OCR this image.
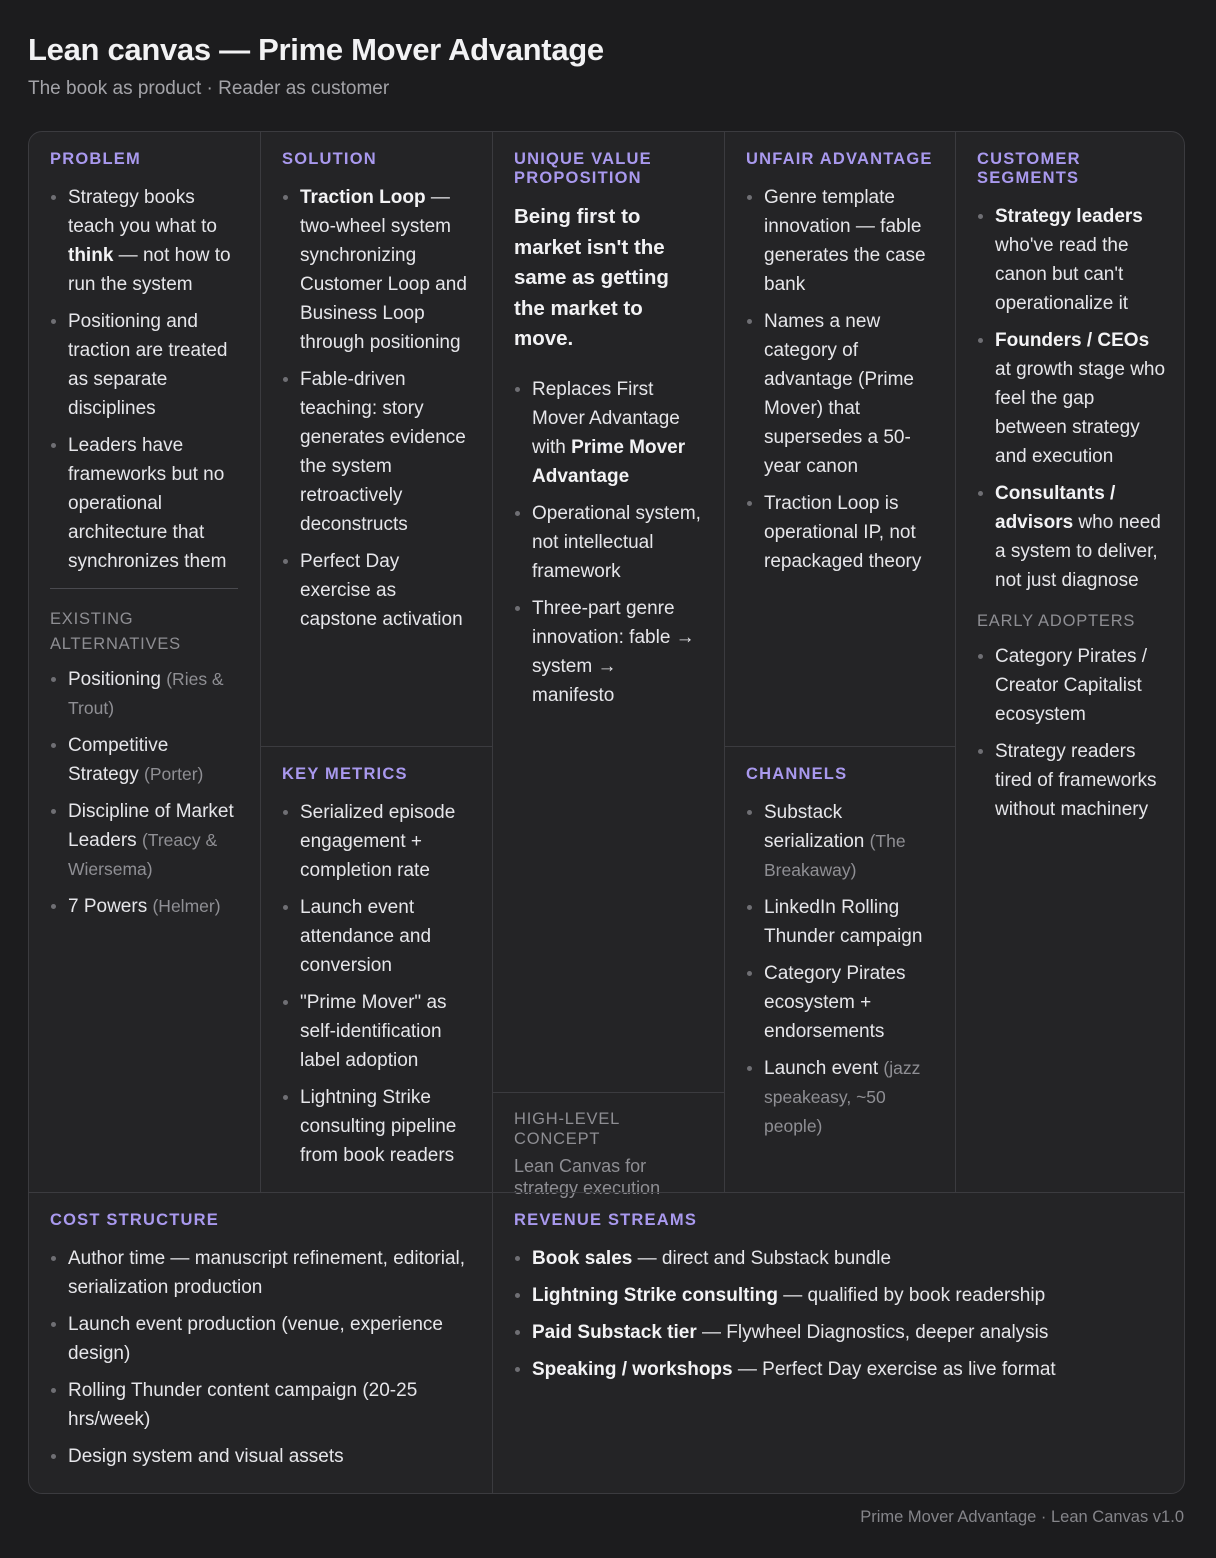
Lean canvas — Prime Mover Advantage
The book as product · Reader as customer
PROBLEM
Strategy books teach you what to think — not how to run the system
Positioning and traction are treated as separate disciplines
Leaders have frameworks but no operational architecture that synchronizes them
EXISTING ALTERNATIVES
Positioning (Ries & Trout)
Competitive Strategy (Porter)
Discipline of Market Leaders (Treacy & Wiersema)
7 Powers (Helmer)
SOLUTION
Traction Loop — two-wheel system synchronizing Customer Loop and Business Loop through positioning
Fable-driven teaching: story generates evidence the system retroactively deconstructs
Perfect Day exercise as capstone activation
KEY METRICS
Serialized episode engagement + completion rate
Launch event attendance and conversion
"Prime Mover" as self-identification label adoption
Lightning Strike consulting pipeline from book readers
UNIQUE VALUE PROPOSITION
Being first to market isn't the same as getting the market to move.
Replaces First Mover Advantage with Prime Mover Advantage
Operational system, not intellectual framework
Three-part genre innovation: fable → system → manifesto
HIGH-LEVEL CONCEPT
Lean Canvas for strategy execution
UNFAIR ADVANTAGE
Genre template innovation — fable generates the case bank
Names a new category of advantage (Prime Mover) that supersedes a 50-year canon
Traction Loop is operational IP, not repackaged theory
CHANNELS
Substack serialization (The Breakaway)
LinkedIn Rolling Thunder campaign
Category Pirates ecosystem + endorsements
Launch event (jazz speakeasy, ~50 people)
CUSTOMER SEGMENTS
Strategy leaders who've read the canon but can't operationalize it
Founders / CEOs at growth stage who feel the gap between strategy and execution
Consultants / advisors who need a system to deliver, not just diagnose
EARLY ADOPTERS
Category Pirates / Creator Capitalist ecosystem
Strategy readers tired of frameworks without machinery
COST STRUCTURE
Author time — manuscript refinement, editorial, serialization production
Launch event production (venue, experience design)
Rolling Thunder content campaign (20-25 hrs/week)
Design system and visual assets
REVENUE STREAMS
Book sales — direct and Substack bundle
Lightning Strike consulting — qualified by book readership
Paid Substack tier — Flywheel Diagnostics, deeper analysis
Speaking / workshops — Perfect Day exercise as live format
Prime Mover Advantage · Lean Canvas v1.0
